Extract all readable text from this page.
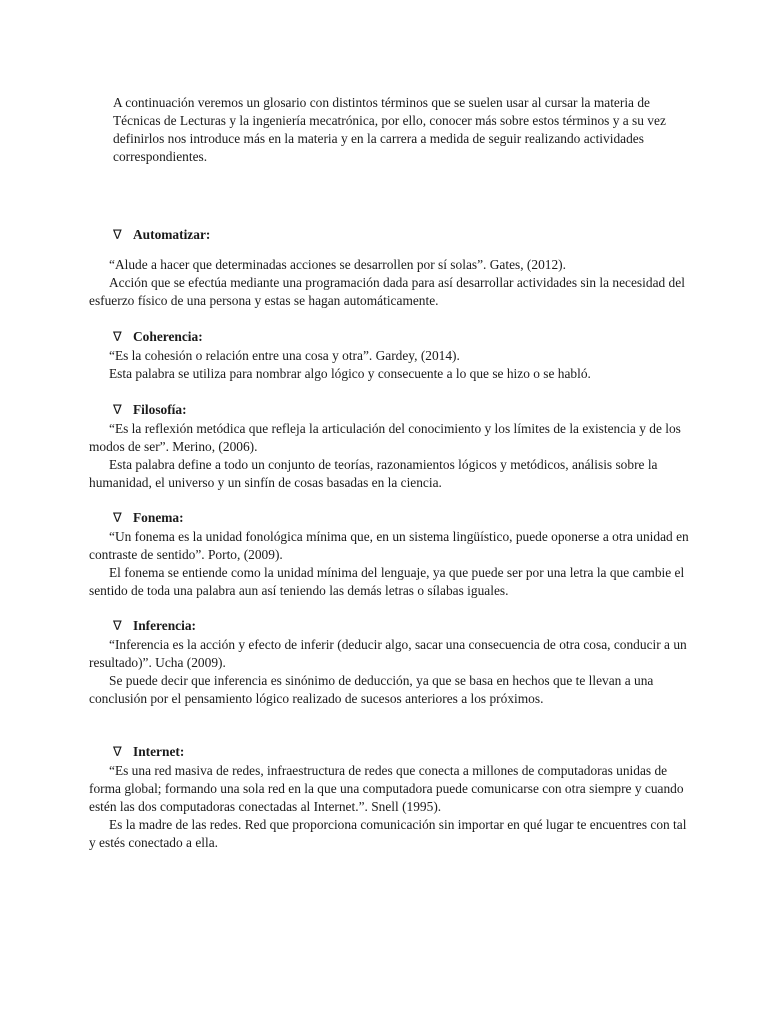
A continuación veremos un glosario con distintos términos que se suelen usar al cursar la materia de Técnicas de Lecturas y la ingeniería mecatrónica, por ello, conocer más sobre estos términos y a su vez definirlos nos introduce más en la materia y en la carrera a medida de seguir realizando actividades correspondientes.

∇ Automatizar:

“Alude a hacer que determinadas acciones se desarrollen por sí solas”. Gates, (2012).

Acción que se efectúa mediante una programación dada para así desarrollar actividades sin la necesidad del esfuerzo físico de una persona y estas se hagan automáticamente.

∇ Coherencia:

“Es la cohesión o relación entre una cosa y otra”. Gardey, (2014).

Esta palabra se utiliza para nombrar algo lógico y consecuente a lo que se hizo o se habló.

∇ Filosofía:

“Es la reflexión metódica que refleja la articulación del conocimiento y los límites de la existencia y de los modos de ser”. Merino, (2006).

Esta palabra define a todo un conjunto de teorías, razonamientos lógicos y metódicos, análisis sobre la humanidad, el universo y un sinfín de cosas basadas en la ciencia.

∇ Fonema:

“Un fonema es la unidad fonológica mínima que, en un sistema lingüístico, puede oponerse a otra unidad en contraste de sentido”. Porto, (2009).

El fonema se entiende como la unidad mínima del lenguaje, ya que puede ser por una letra la que cambie el sentido de toda una palabra aun así teniendo las demás letras o sílabas iguales.

∇ Inferencia:

“Inferencia es la acción y efecto de inferir (deducir algo, sacar una consecuencia de otra cosa, conducir a un resultado)”. Ucha (2009).

Se puede decir que inferencia es sinónimo de deducción, ya que se basa en hechos que te llevan a una conclusión por el pensamiento lógico realizado de sucesos anteriores a los próximos.

∇ Internet:

“Es una red masiva de redes, infraestructura de redes que conecta a millones de computadoras unidas de forma global; formando una sola red en la que una computadora puede comunicarse con otra siempre y cuando estén las dos computadoras conectadas al Internet.”. Snell (1995).

Es la madre de las redes. Red que proporciona comunicación sin importar en qué lugar te encuentres con tal y estés conectado a ella.
